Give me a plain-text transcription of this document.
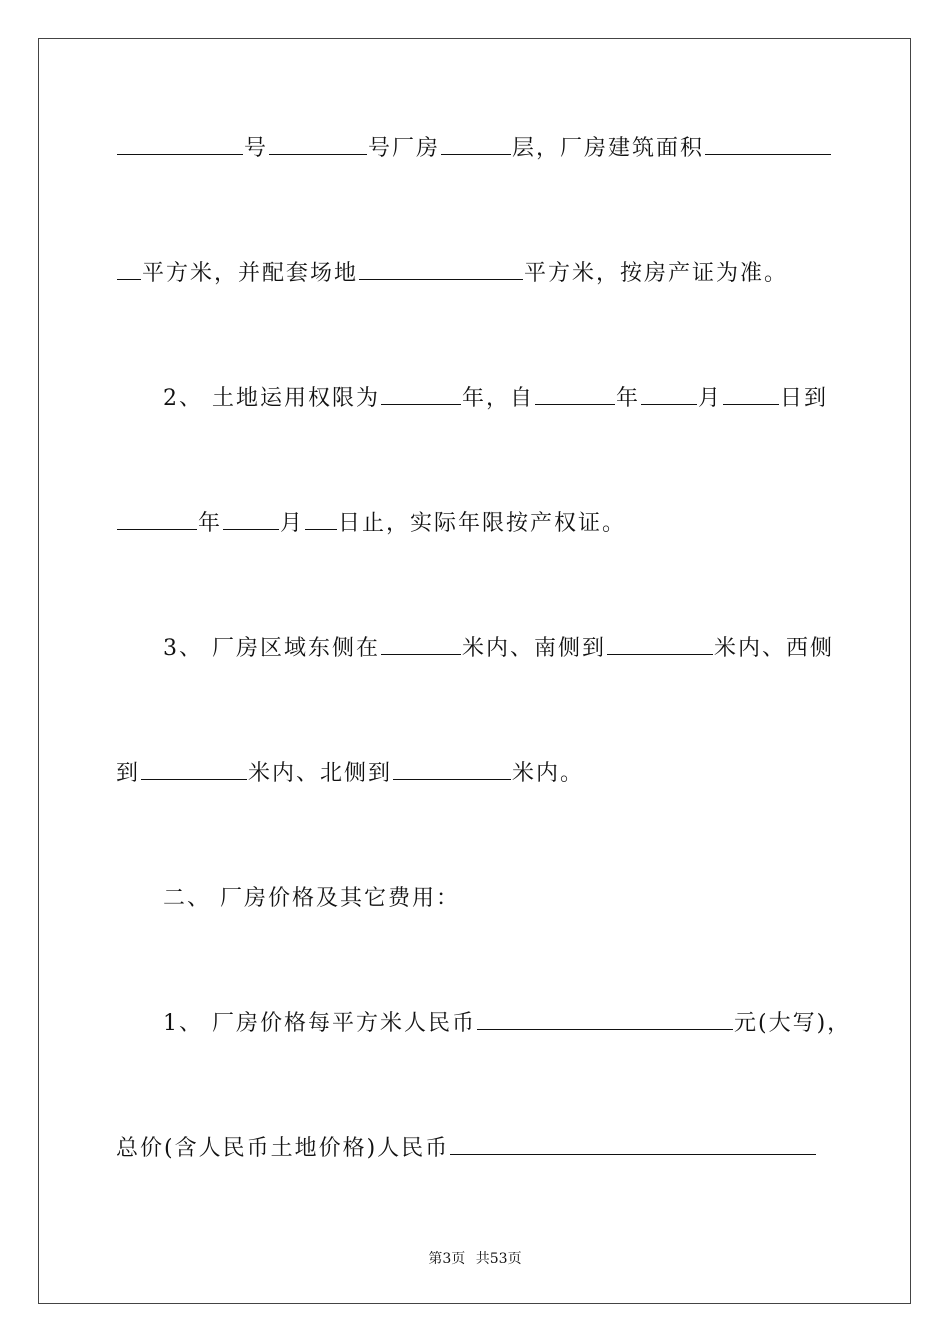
号	号厂房	层，厂房建筑面积
平方米，并配套场地	平方米，按房产证为准。
2、 土地运用权限为	年，自	年	月	日到
年	月 日止，实际年限按产权证。
3、 厂房区域东侧在	米内、南侧到	米内、西侧
到	米内、北侧到	米内。
二、 厂房价格及其它费用：
1、 厂房价格每平方米人民币	元(大写)，
总价(含人民币土地价格)人民币
第3页 共53页
